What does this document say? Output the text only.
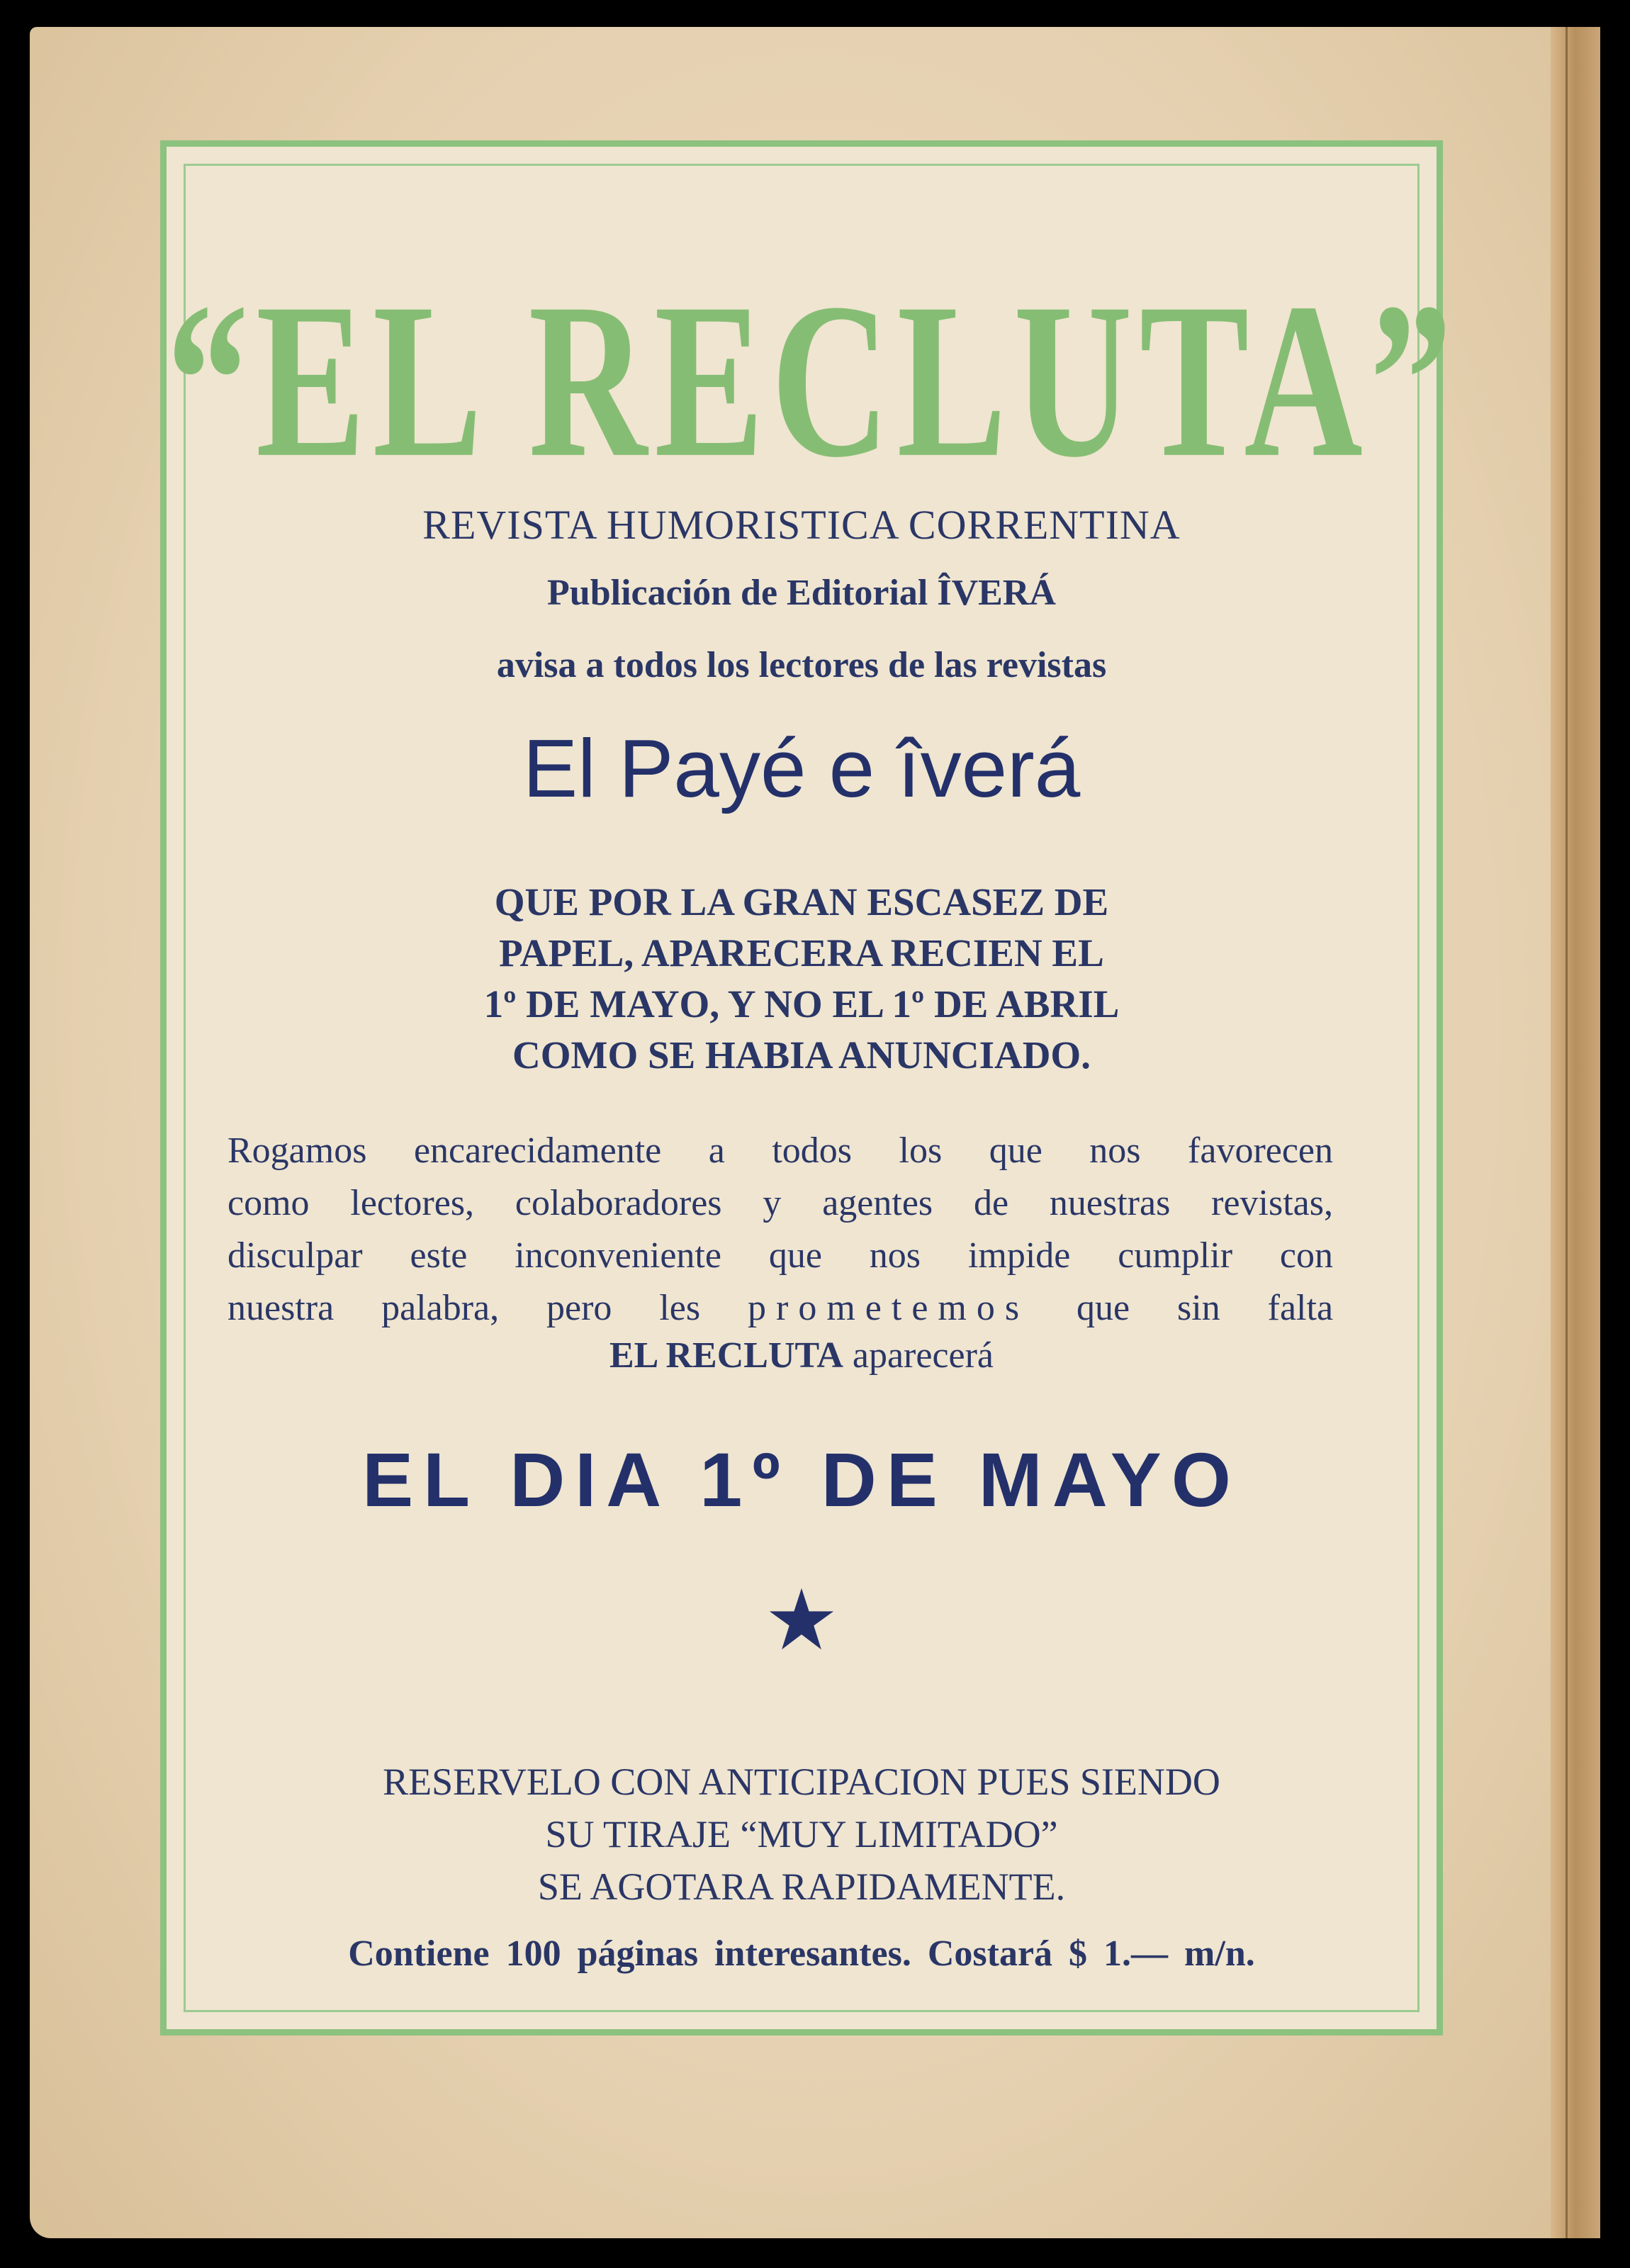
“EL RECLUTA”
REVISTA HUMORISTICA CORRENTINA
Publicación de Editorial ÎVERÁ
avisa a todos los lectores de las revistas
El Payé e îverá
QUE POR LA GRAN ESCASEZ DE
PAPEL, APARECERA RECIEN EL
1º DE MAYO, Y NO EL 1º DE ABRIL
COMO SE HABIA ANUNCIADO.
Rogamos encarecidamente a todos los que nos favorecen
como lectores, colaboradores y agentes de nuestras revistas,
disculpar este inconveniente que nos impide cumplir con
nuestra palabra, pero les prometemos que sin falta
EL RECLUTA aparecerá
EL DIA 1º DE MAYO
RESERVELO CON ANTICIPACION PUES SIENDO
SU TIRAJE “MUY LIMITADO”
SE AGOTARA RAPIDAMENTE.
Contiene 100 páginas interesantes. Costará $ 1.— m/n.
